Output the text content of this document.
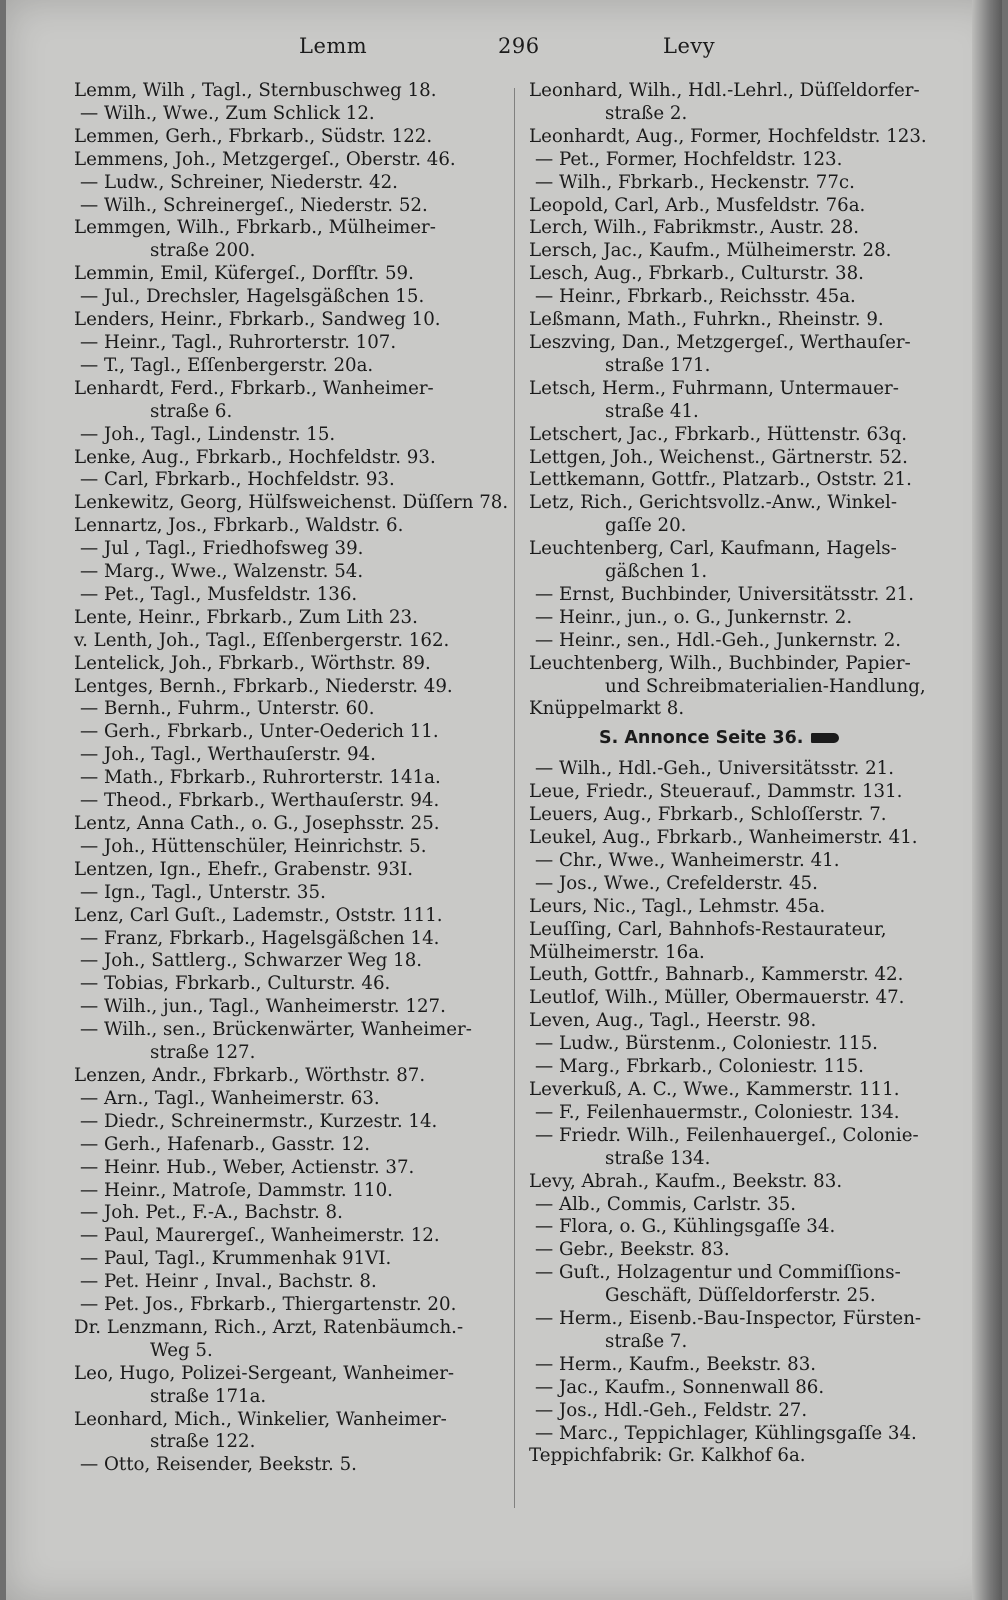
Lemm	296	Levy
Lemm, Wilh , Tagl., Sternbuschweg 18.
— Wilh., Wwe., Zum Schlick 12.
Lemmen, Gerh., Fbrkarb., Südstr. 122.
Lemmens, Joh., Metzgergeſ., Oberstr. 46.
— Ludw., Schreiner, Niederstr. 42.
— Wilh., Schreinergeſ., Niederstr. 52.
Lemmgen, Wilh., Fbrkarb., Mülheimer-
straße 200.
Lemmin, Emil, Küfergeſ., Dorfſtr. 59.
— Jul., Drechsler, Hagelsgäßchen 15.
Lenders, Heinr., Fbrkarb., Sandweg 10.
— Heinr., Tagl., Ruhrorterstr. 107.
— T., Tagl., Eſſenbergerstr. 20a.
Lenhardt, Ferd., Fbrkarb., Wanheimer-
straße 6.
— Joh., Tagl., Lindenstr. 15.
Lenke, Aug., Fbrkarb., Hochfeldstr. 93.
— Carl, Fbrkarb., Hochfeldstr. 93.
Lenkewitz, Georg, Hülfsweichenst. Düſſern 78.
Lennartz, Jos., Fbrkarb., Waldstr. 6.
— Jul , Tagl., Friedhofsweg 39.
— Marg., Wwe., Walzenstr. 54.
— Pet., Tagl., Musfeldstr. 136.
Lente, Heinr., Fbrkarb., Zum Lith 23.
v. Lenth, Joh., Tagl., Eſſenbergerstr. 162.
Lentelick, Joh., Fbrkarb., Wörthstr. 89.
Lentges, Bernh., Fbrkarb., Niederstr. 49.
— Bernh., Fuhrm., Unterstr. 60.
— Gerh., Fbrkarb., Unter-Oederich 11.
— Joh., Tagl., Werthauſerstr. 94.
— Math., Fbrkarb., Ruhrorterstr. 141a.
— Theod., Fbrkarb., Werthauſerstr. 94.
Lentz, Anna Cath., o. G., Josephsstr. 25.
— Joh., Hüttenschüler, Heinrichstr. 5.
Lentzen, Ign., Ehefr., Grabenstr. 93I.
— Ign., Tagl., Unterstr. 35.
Lenz, Carl Guſt., Lademstr., Oststr. 111.
— Franz, Fbrkarb., Hagelsgäßchen 14.
— Joh., Sattlerg., Schwarzer Weg 18.
— Tobias, Fbrkarb., Culturstr. 46.
— Wilh., jun., Tagl., Wanheimerstr. 127.
— Wilh., sen., Brückenwärter, Wanheimer-
straße 127.
Lenzen, Andr., Fbrkarb., Wörthstr. 87.
— Arn., Tagl., Wanheimerstr. 63.
— Diedr., Schreinermstr., Kurzestr. 14.
— Gerh., Hafenarb., Gasstr. 12.
— Heinr. Hub., Weber, Actienstr. 37.
— Heinr., Matroſe, Dammstr. 110.
— Joh. Pet., F.-A., Bachstr. 8.
— Paul, Maurergeſ., Wanheimerstr. 12.
— Paul, Tagl., Krummenhak 91VI.
— Pet. Heinr , Inval., Bachstr. 8.
— Pet. Jos., Fbrkarb., Thiergartenstr. 20.
Dr. Lenzmann, Rich., Arzt, Ratenbäumch.-
Weg 5.
Leo, Hugo, Polizei-Sergeant, Wanheimer-
straße 171a.
Leonhard, Mich., Winkelier, Wanheimer-
straße 122.
— Otto, Reisender, Beekstr. 5.
Leonhard, Wilh., Hdl.-Lehrl., Düſſeldorfer-
straße 2.
Leonhardt, Aug., Former, Hochfeldstr. 123.
— Pet., Former, Hochfeldstr. 123.
— Wilh., Fbrkarb., Heckenstr. 77c.
Leopold, Carl, Arb., Musfeldstr. 76a.
Lerch, Wilh., Fabrikmstr., Austr. 28.
Lersch, Jac., Kaufm., Mülheimerstr. 28.
Lesch, Aug., Fbrkarb., Culturstr. 38.
— Heinr., Fbrkarb., Reichsstr. 45a.
Leßmann, Math., Fuhrkn., Rheinstr. 9.
Leszving, Dan., Metzgergeſ., Werthauſer-
straße 171.
Letsch, Herm., Fuhrmann, Untermauer-
straße 41.
Letschert, Jac., Fbrkarb., Hüttenstr. 63q.
Lettgen, Joh., Weichenst., Gärtnerstr. 52.
Lettkemann, Gottfr., Platzarb., Oststr. 21.
Letz, Rich., Gerichtsvollz.-Anw., Winkel-
gaſſe 20.
Leuchtenberg, Carl, Kaufmann, Hagels-
gäßchen 1.
— Ernst, Buchbinder, Universitätsstr. 21.
— Heinr., jun., o. G., Junkernstr. 2.
— Heinr., sen., Hdl.-Geh., Junkernstr. 2.
Leuchtenberg, Wilh., Buchbinder, Papier-
und Schreibmaterialien-Handlung,
Knüppelmarkt 8.
S. Annonce Seite 36.
— Wilh., Hdl.-Geh., Universitätsstr. 21.
Leue, Friedr., Steuerauf., Dammstr. 131.
Leuers, Aug., Fbrkarb., Schloſſerstr. 7.
Leukel, Aug., Fbrkarb., Wanheimerstr. 41.
— Chr., Wwe., Wanheimerstr. 41.
— Jos., Wwe., Crefelderstr. 45.
Leurs, Nic., Tagl., Lehmstr. 45a.
Leuſſing, Carl, Bahnhofs-Restaurateur,
Mülheimerstr. 16a.
Leuth, Gottfr., Bahnarb., Kammerstr. 42.
Leutlof, Wilh., Müller, Obermauerstr. 47.
Leven, Aug., Tagl., Heerstr. 98.
— Ludw., Bürstenm., Coloniestr. 115.
— Marg., Fbrkarb., Coloniestr. 115.
Leverkuß, A. C., Wwe., Kammerstr. 111.
— F., Feilenhauermstr., Coloniestr. 134.
— Friedr. Wilh., Feilenhauergeſ., Colonie-
straße 134.
Levy, Abrah., Kaufm., Beekstr. 83.
— Alb., Commis, Carlstr. 35.
— Flora, o. G., Kühlingsgaſſe 34.
— Gebr., Beekstr. 83.
— Guſt., Holzagentur und Commiſſions-
Geschäft, Düſſeldorferstr. 25.
— Herm., Eisenb.-Bau-Inspector, Fürsten-
straße 7.
— Herm., Kaufm., Beekstr. 83.
— Jac., Kaufm., Sonnenwall 86.
— Jos., Hdl.-Geh., Feldstr. 27.
— Marc., Teppichlager, Kühlingsgaſſe 34.
Teppichfabrik: Gr. Kalkhof 6a.
